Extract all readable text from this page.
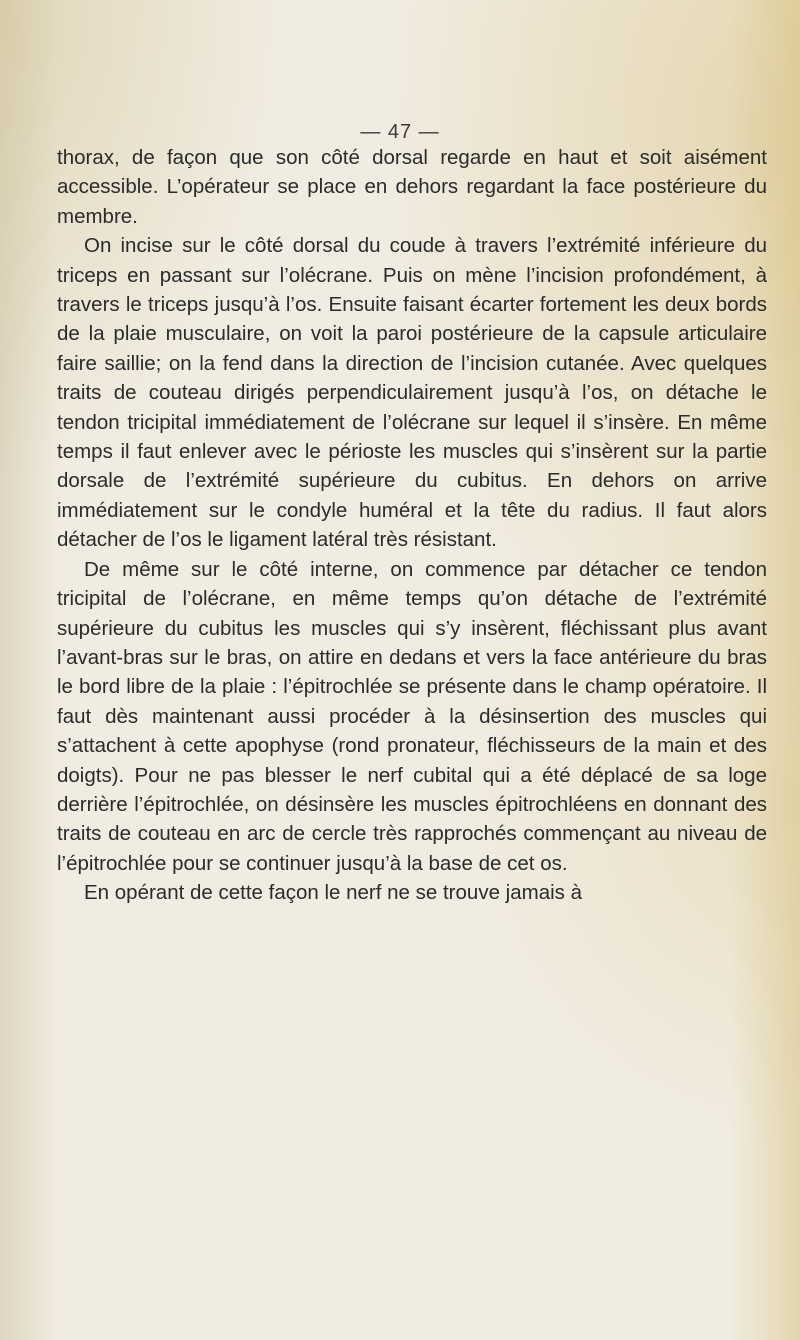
— 47 —

thorax, de façon que son côté dorsal regarde en haut et soit aisément accessible. L’opérateur se place en dehors regardant la face postérieure du membre.

On incise sur le côté dorsal du coude à travers l’extrémité inférieure du triceps en passant sur l’olécrane. Puis on mène l’incision profondément, à travers le triceps jusqu’à l’os. Ensuite faisant écarter fortement les deux bords de la plaie musculaire, on voit la paroi postérieure de la capsule articulaire faire saillie; on la fend dans la direction de l’incision cutanée. Avec quelques traits de couteau dirigés perpendiculairement jusqu’à l’os, on détache le tendon tricipital immédiatement de l’olécrane sur lequel il s’insère. En même temps il faut enlever avec le périoste les muscles qui s’insèrent sur la partie dorsale de l’extrémité supérieure du cubitus. En dehors on arrive immédiatement sur le condyle huméral et la tête du radius. Il faut alors détacher de l’os le ligament latéral très résistant.

De même sur le côté interne, on commence par détacher ce tendon tricipital de l’olécrane, en même temps qu’on détache de l’extrémité supérieure du cubitus les muscles qui s’y insèrent, fléchissant plus avant l’avant-bras sur le bras, on attire en dedans et vers la face antérieure du bras le bord libre de la plaie : l’épitrochlée se présente dans le champ opératoire. Il faut dès maintenant aussi procéder à la désinsertion des muscles qui s’attachent à cette apophyse (rond pronateur, fléchisseurs de la main et des doigts). Pour ne pas blesser le nerf cubital qui a été déplacé de sa loge derrière l’épitrochlée, on désinsère les muscles épitrochléens en donnant des traits de couteau en arc de cercle très rapprochés commençant au niveau de l’épitrochlée pour se continuer jusqu’à la base de cet os.

En opérant de cette façon le nerf ne se trouve jamais à
